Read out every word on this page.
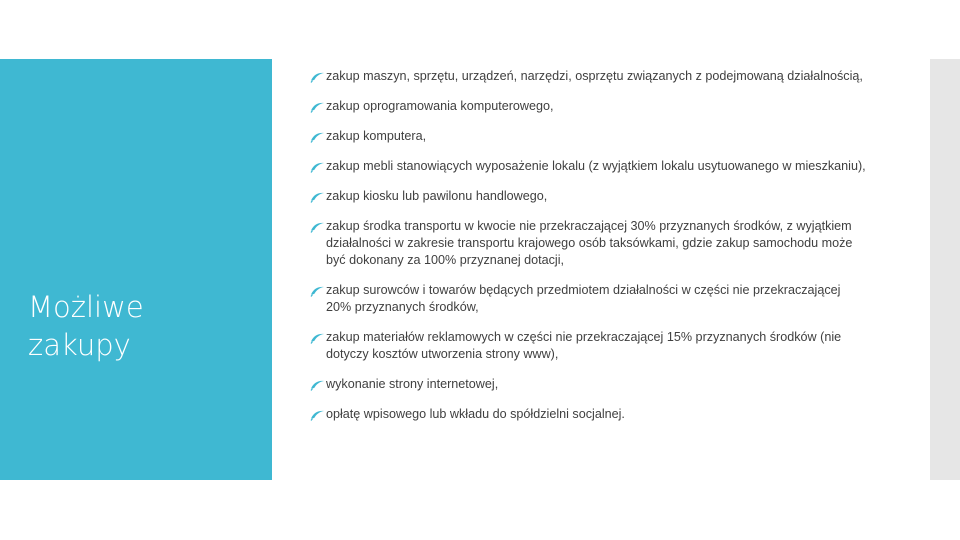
Możliwe
zakupy
zakup maszyn, sprzętu, urządzeń, narzędzi, osprzętu związanych z podejmowaną działalnością,
zakup oprogramowania komputerowego,
zakup komputera,
zakup mebli stanowiących wyposażenie lokalu (z wyjątkiem lokalu usytuowanego w mieszkaniu),
zakup kiosku lub pawilonu handlowego,
zakup środka transportu w kwocie nie przekraczającej 30% przyznanych środków, z wyjątkiem działalności w zakresie transportu krajowego osób taksówkami, gdzie zakup samochodu może być dokonany za 100% przyznanej dotacji,
zakup surowców i towarów będących przedmiotem działalności w części nie przekraczającej 20% przyznanych środków,
zakup materiałów reklamowych w części nie przekraczającej 15% przyznanych środków (nie dotyczy kosztów utworzenia strony www),
wykonanie strony internetowej,
opłatę wpisowego lub wkładu do spółdzielni socjalnej.
